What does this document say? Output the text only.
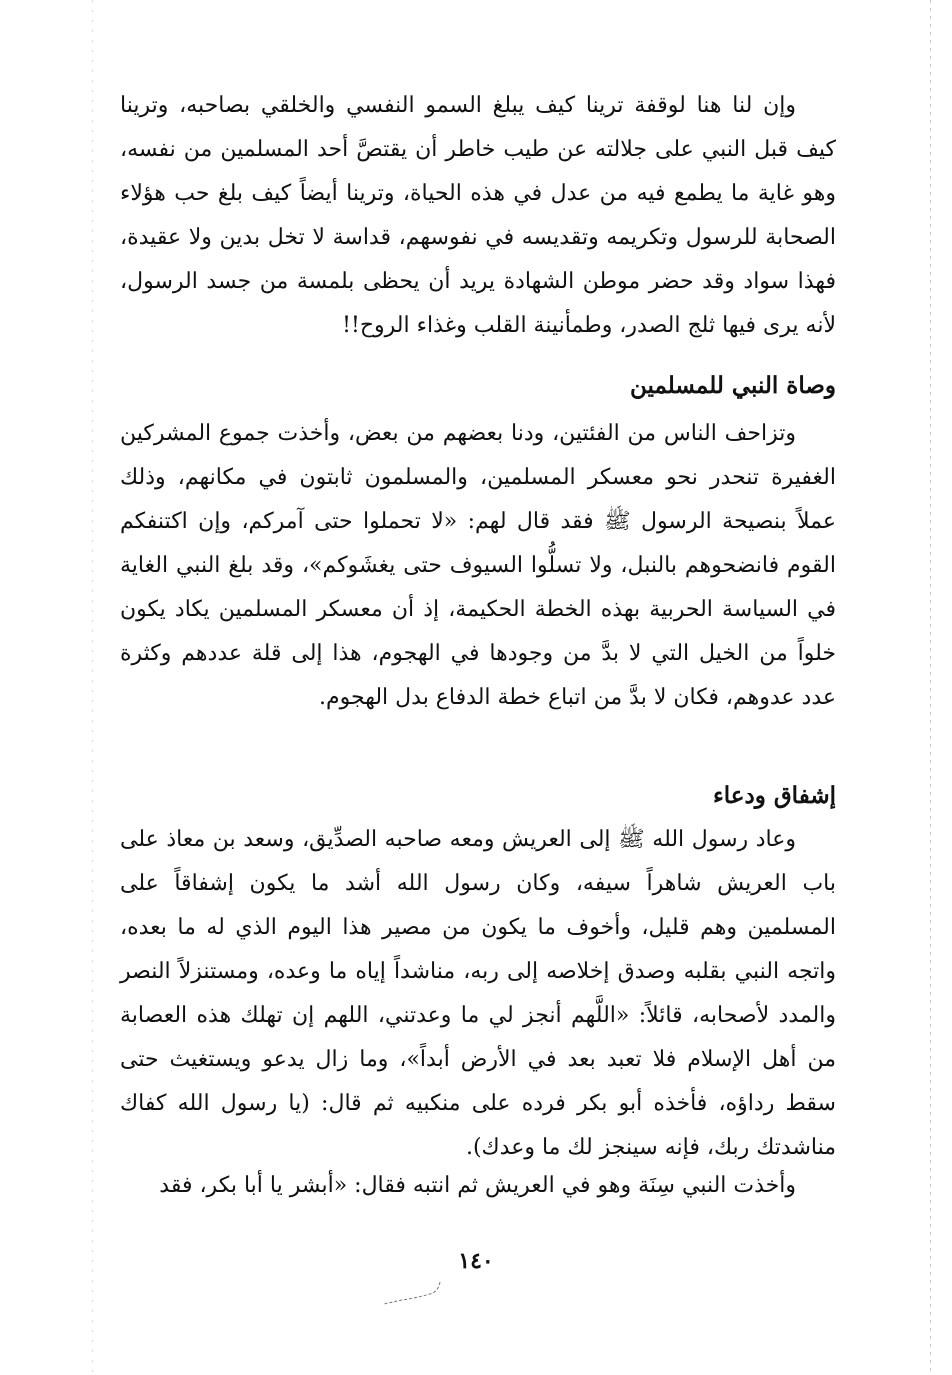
وإن لنا هنا لوقفة ترينا كيف يبلغ السمو النفسي والخلقي بصاحبه، وترينا كيف قبل النبي على جلالته عن طيب خاطر أن يقتصَّ أحد المسلمين من نفسه، وهو غاية ما يطمع فيه من عدل في هذه الحياة، وترينا أيضاً كيف بلغ حب هؤلاء الصحابة للرسول وتكريمه وتقديسه في نفوسهم، قداسة لا تخل بدين ولا عقيدة، فهذا سواد وقد حضر موطن الشهادة يريد أن يحظى بلمسة من جسد الرسول، لأنه يرى فيها ثلج الصدر، وطمأنينة القلب وغذاء الروح!!

وصاة النبي للمسلمين

وتزاحف الناس من الفئتين، ودنا بعضهم من بعض، وأخذت جموع المشركين الغفيرة تنحدر نحو معسكر المسلمين، والمسلمون ثابتون في مكانهم، وذلك عملاً بنصيحة الرسول ﷺ فقد قال لهم: «لا تحملوا حتى آمركم، وإن اكتنفكم القوم فانضحوهم بالنبل، ولا تسلُّوا السيوف حتى يغشَوكم»، وقد بلغ النبي الغاية في السياسة الحربية بهذه الخطة الحكيمة، إذ أن معسكر المسلمين يكاد يكون خلواً من الخيل التي لا بدَّ من وجودها في الهجوم، هذا إلى قلة عددهم وكثرة عدد عدوهم، فكان لا بدَّ من اتباع خطة الدفاع بدل الهجوم.

إشفاق ودعاء

وعاد رسول الله ﷺ إلى العريش ومعه صاحبه الصدِّيق، وسعد بن معاذ على باب العريش شاهراً سيفه، وكان رسول الله أشد ما يكون إشفاقاً على المسلمين وهم قليل، وأخوف ما يكون من مصير هذا اليوم الذي له ما بعده، واتجه النبي بقلبه وصدق إخلاصه إلى ربه، مناشداً إياه ما وعده، ومستنزلاً النصر والمدد لأصحابه، قائلاً: «اللَّهم أنجز لي ما وعدتني، اللهم إن تهلك هذه العصابة من أهل الإسلام فلا تعبد بعد في الأرض أبداً»، وما زال يدعو ويستغيث حتى سقط رداؤه، فأخذه أبو بكر فرده على منكبيه ثم قال: (يا رسول الله كفاك مناشدتك ربك، فإنه سينجز لك ما وعدك).

وأخذت النبي سِنَة وهو في العريش ثم انتبه فقال: «أبشر يا أبا بكر، فقد

١٤٠
